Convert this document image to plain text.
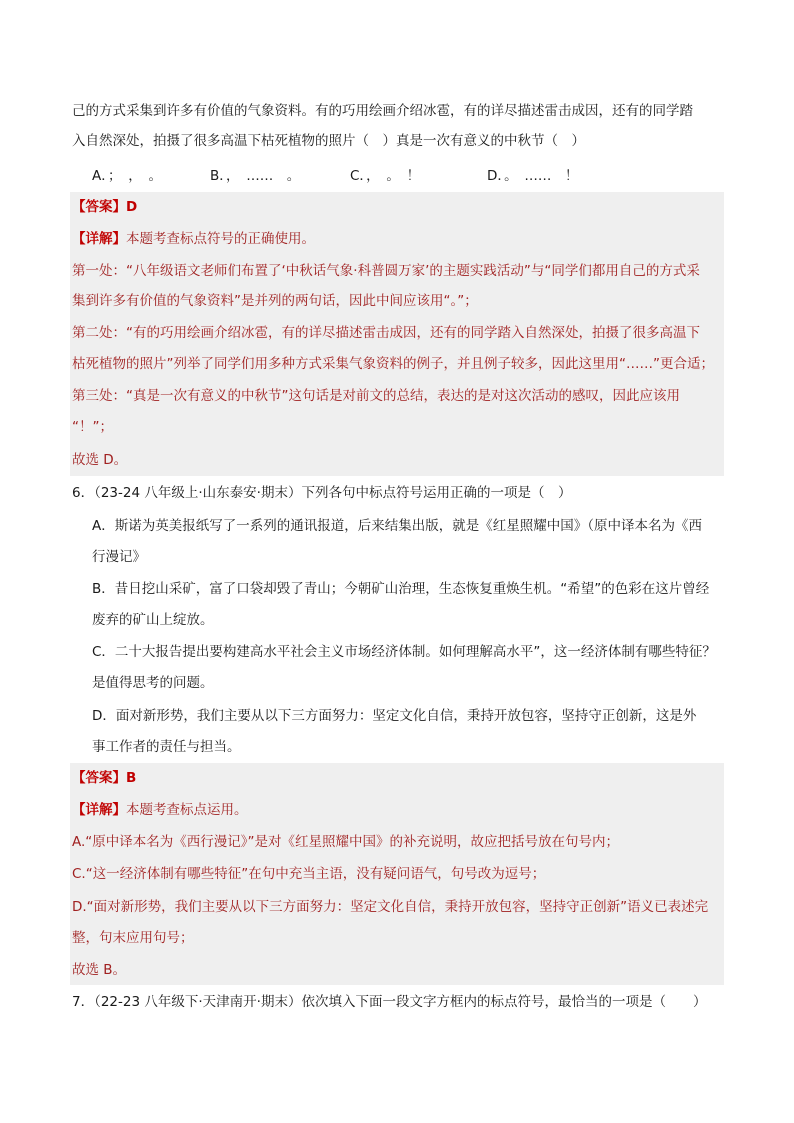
己的方式采集到许多有价值的气象资料。有的巧用绘画介绍冰雹，有的详尽描述雷击成因，还有的同学踏
入自然深处，拍摄了很多高温下枯死植物的照片（　）真是一次有意义的中秋节（　）
A．；　，　。	B．，　……　。	C．，　。　！	D．。　……　！
【答案】D
【详解】本题考查标点符号的正确使用。
第一处：“八年级语文老师们布置了‘中秋话气象·科普圆万家’的主题实践活动”与“同学们都用自己的方式采
集到许多有价值的气象资料”是并列的两句话，因此中间应该用“。”；
第二处：“有的巧用绘画介绍冰雹，有的详尽描述雷击成因，还有的同学踏入自然深处，拍摄了很多高温下
枯死植物的照片”列举了同学们用多种方式采集气象资料的例子，并且例子较多，因此这里用“……”更合适；
第三处：“真是一次有意义的中秋节”这句话是对前文的总结，表达的是对这次活动的感叹，因此应该用
“！”；
故选 D。
6．（23-24 八年级上·山东泰安·期末）下列各句中标点符号运用正确的一项是（　）
A．斯诺为英美报纸写了一系列的通讯报道，后来结集出版，就是《红星照耀中国》（原中译本名为《西
行漫记》
B．昔日挖山采矿，富了口袋却毁了青山；今朝矿山治理，生态恢复重焕生机。“希望”的色彩在这片曾经
废弃的矿山上绽放。
C．二十大报告提出要构建高水平社会主义市场经济体制。如何理解高水平”，这一经济体制有哪些特征？
是值得思考的问题。
D．面对新形势，我们主要从以下三方面努力：坚定文化自信，秉持开放包容，坚持守正创新，这是外
事工作者的责任与担当。
【答案】B
【详解】本题考查标点运用。
A.“原中译本名为《西行漫记》”是对《红星照耀中国》的补充说明，故应把括号放在句号内；
C.“这一经济体制有哪些特征”在句中充当主语，没有疑问语气，句号改为逗号；
D.“面对新形势，我们主要从以下三方面努力：坚定文化自信，秉持开放包容，坚持守正创新”语义已表述完
整，句末应用句号；
故选 B。
7．（22-23 八年级下·天津南开·期末）依次填入下面一段文字方框内的标点符号，最恰当的一项是（　　）
